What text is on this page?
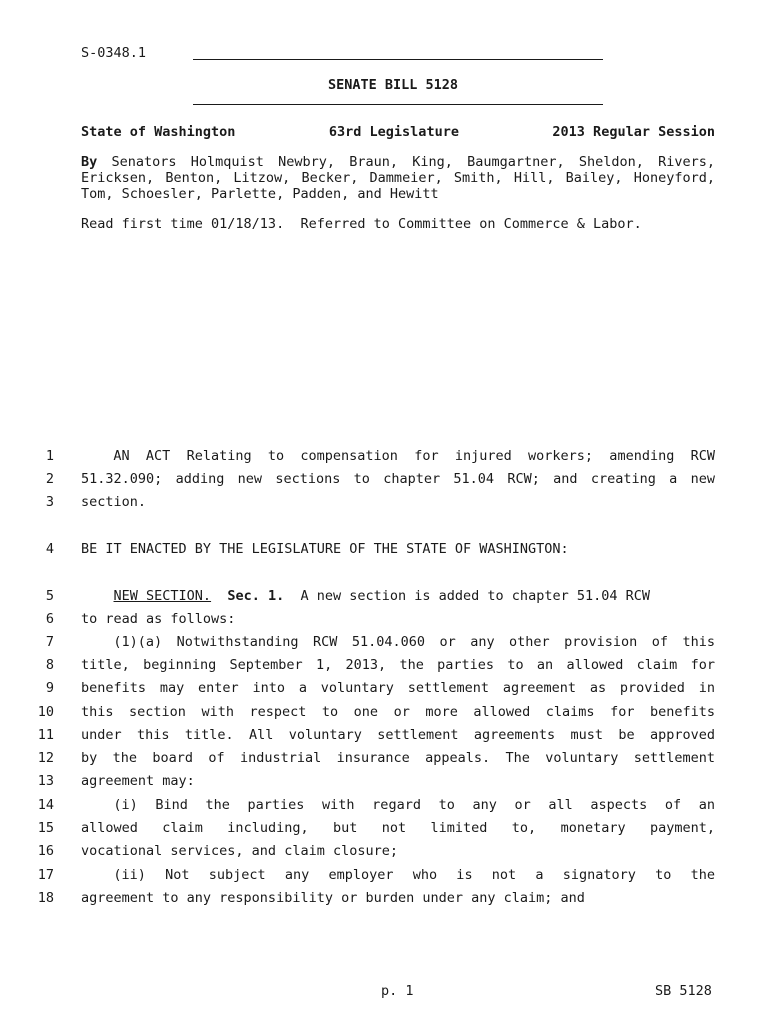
S-0348.1
SENATE BILL 5128
State of Washington	63rd Legislature	2013 Regular Session
By Senators Holmquist Newbry, Braun, King, Baumgartner, Sheldon, Rivers, Ericksen, Benton, Litzow, Becker, Dammeier, Smith, Hill, Bailey, Honeyford, Tom, Schoesler, Parlette, Padden, and Hewitt
Read first time 01/18/13.  Referred to Committee on Commerce & Labor.
1	AN ACT Relating to compensation for injured workers; amending RCW
2 51.32.090; adding new sections to chapter 51.04 RCW; and creating a new
3 section.
4 BE IT ENACTED BY THE LEGISLATURE OF THE STATE OF WASHINGTON:
5	NEW SECTION. Sec. 1.  A new section is added to chapter 51.04 RCW
6 to read as follows:
7	(1)(a) Notwithstanding RCW 51.04.060 or any other provision of this
8 title, beginning September 1, 2013, the parties to an allowed claim for
9 benefits may enter into a voluntary settlement agreement as provided in
10 this section with respect to one or more allowed claims for benefits
11 under this title. All voluntary settlement agreements must be approved
12 by the board of industrial insurance appeals. The voluntary settlement
13 agreement may:
14	(i) Bind the parties with regard to any or all aspects of an
15 allowed claim including, but not limited to, monetary payment,
16 vocational services, and claim closure;
17	(ii) Not subject any employer who is not a signatory to the
18 agreement to any responsibility or burden under any claim; and
p. 1	SB 5128
